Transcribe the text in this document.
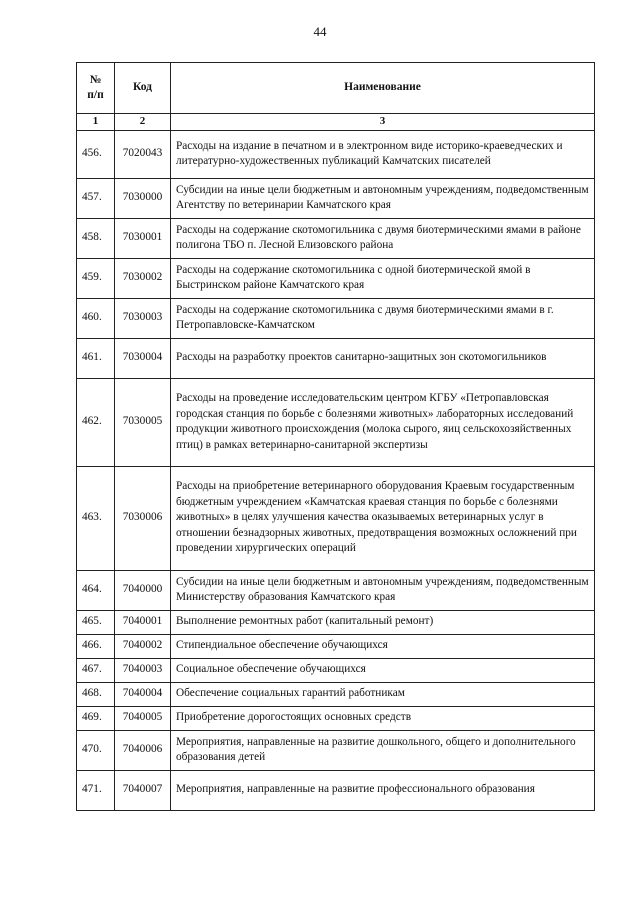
44
№
п/п	Код	Наименование
1	2	3
456.	7020043	Расходы на издание в печатном и в электронном виде историко-краеведческих и литературно-художественных публикаций Камчатских писателей
457.	7030000	Субсидии на иные цели бюджетным и автономным учреждениям, подведомственным Агентству по ветеринарии Камчатского края
458.	7030001	Расходы на содержание скотомогильника с двумя биотермическими ямами в районе полигона ТБО п. Лесной Елизовского района
459.	7030002	Расходы на содержание скотомогильника с одной биотермической ямой в Быстринском районе Камчатского края
460.	7030003	Расходы на содержание скотомогильника с двумя биотермическими ямами в г. Петропавловске-Камчатском
461.	7030004	Расходы на разработку проектов санитарно-защитных зон скотомогильников
462.	7030005	Расходы на проведение исследовательским центром КГБУ «Петропавловская городская станция по борьбе с болезнями животных» лабораторных исследований продукции животного происхождения (молока сырого, яиц сельскохозяйственных птиц) в рамках ветеринарно-санитарной экспертизы
463.	7030006	Расходы на приобретение ветеринарного оборудования Краевым государственным бюджетным учреждением «Камчатская краевая станция по борьбе с болезнями животных» в целях улучшения качества оказываемых ветеринарных услуг в отношении безнадзорных животных, предотвращения возможных осложнений при проведении хирургических операций
464.	7040000	Субсидии на иные цели бюджетным и автономным учреждениям, подведомственным Министерству образования Камчатского края
465.	7040001	Выполнение ремонтных работ (капитальный ремонт)
466.	7040002	Стипендиальное обеспечение обучающихся
467.	7040003	Социальное обеспечение обучающихся
468.	7040004	Обеспечение социальных гарантий работникам
469.	7040005	Приобретение дорогостоящих основных средств
470.	7040006	Мероприятия, направленные на развитие дошкольного, общего и дополнительного образования детей
471.	7040007	Мероприятия, направленные на развитие профессионального образования
